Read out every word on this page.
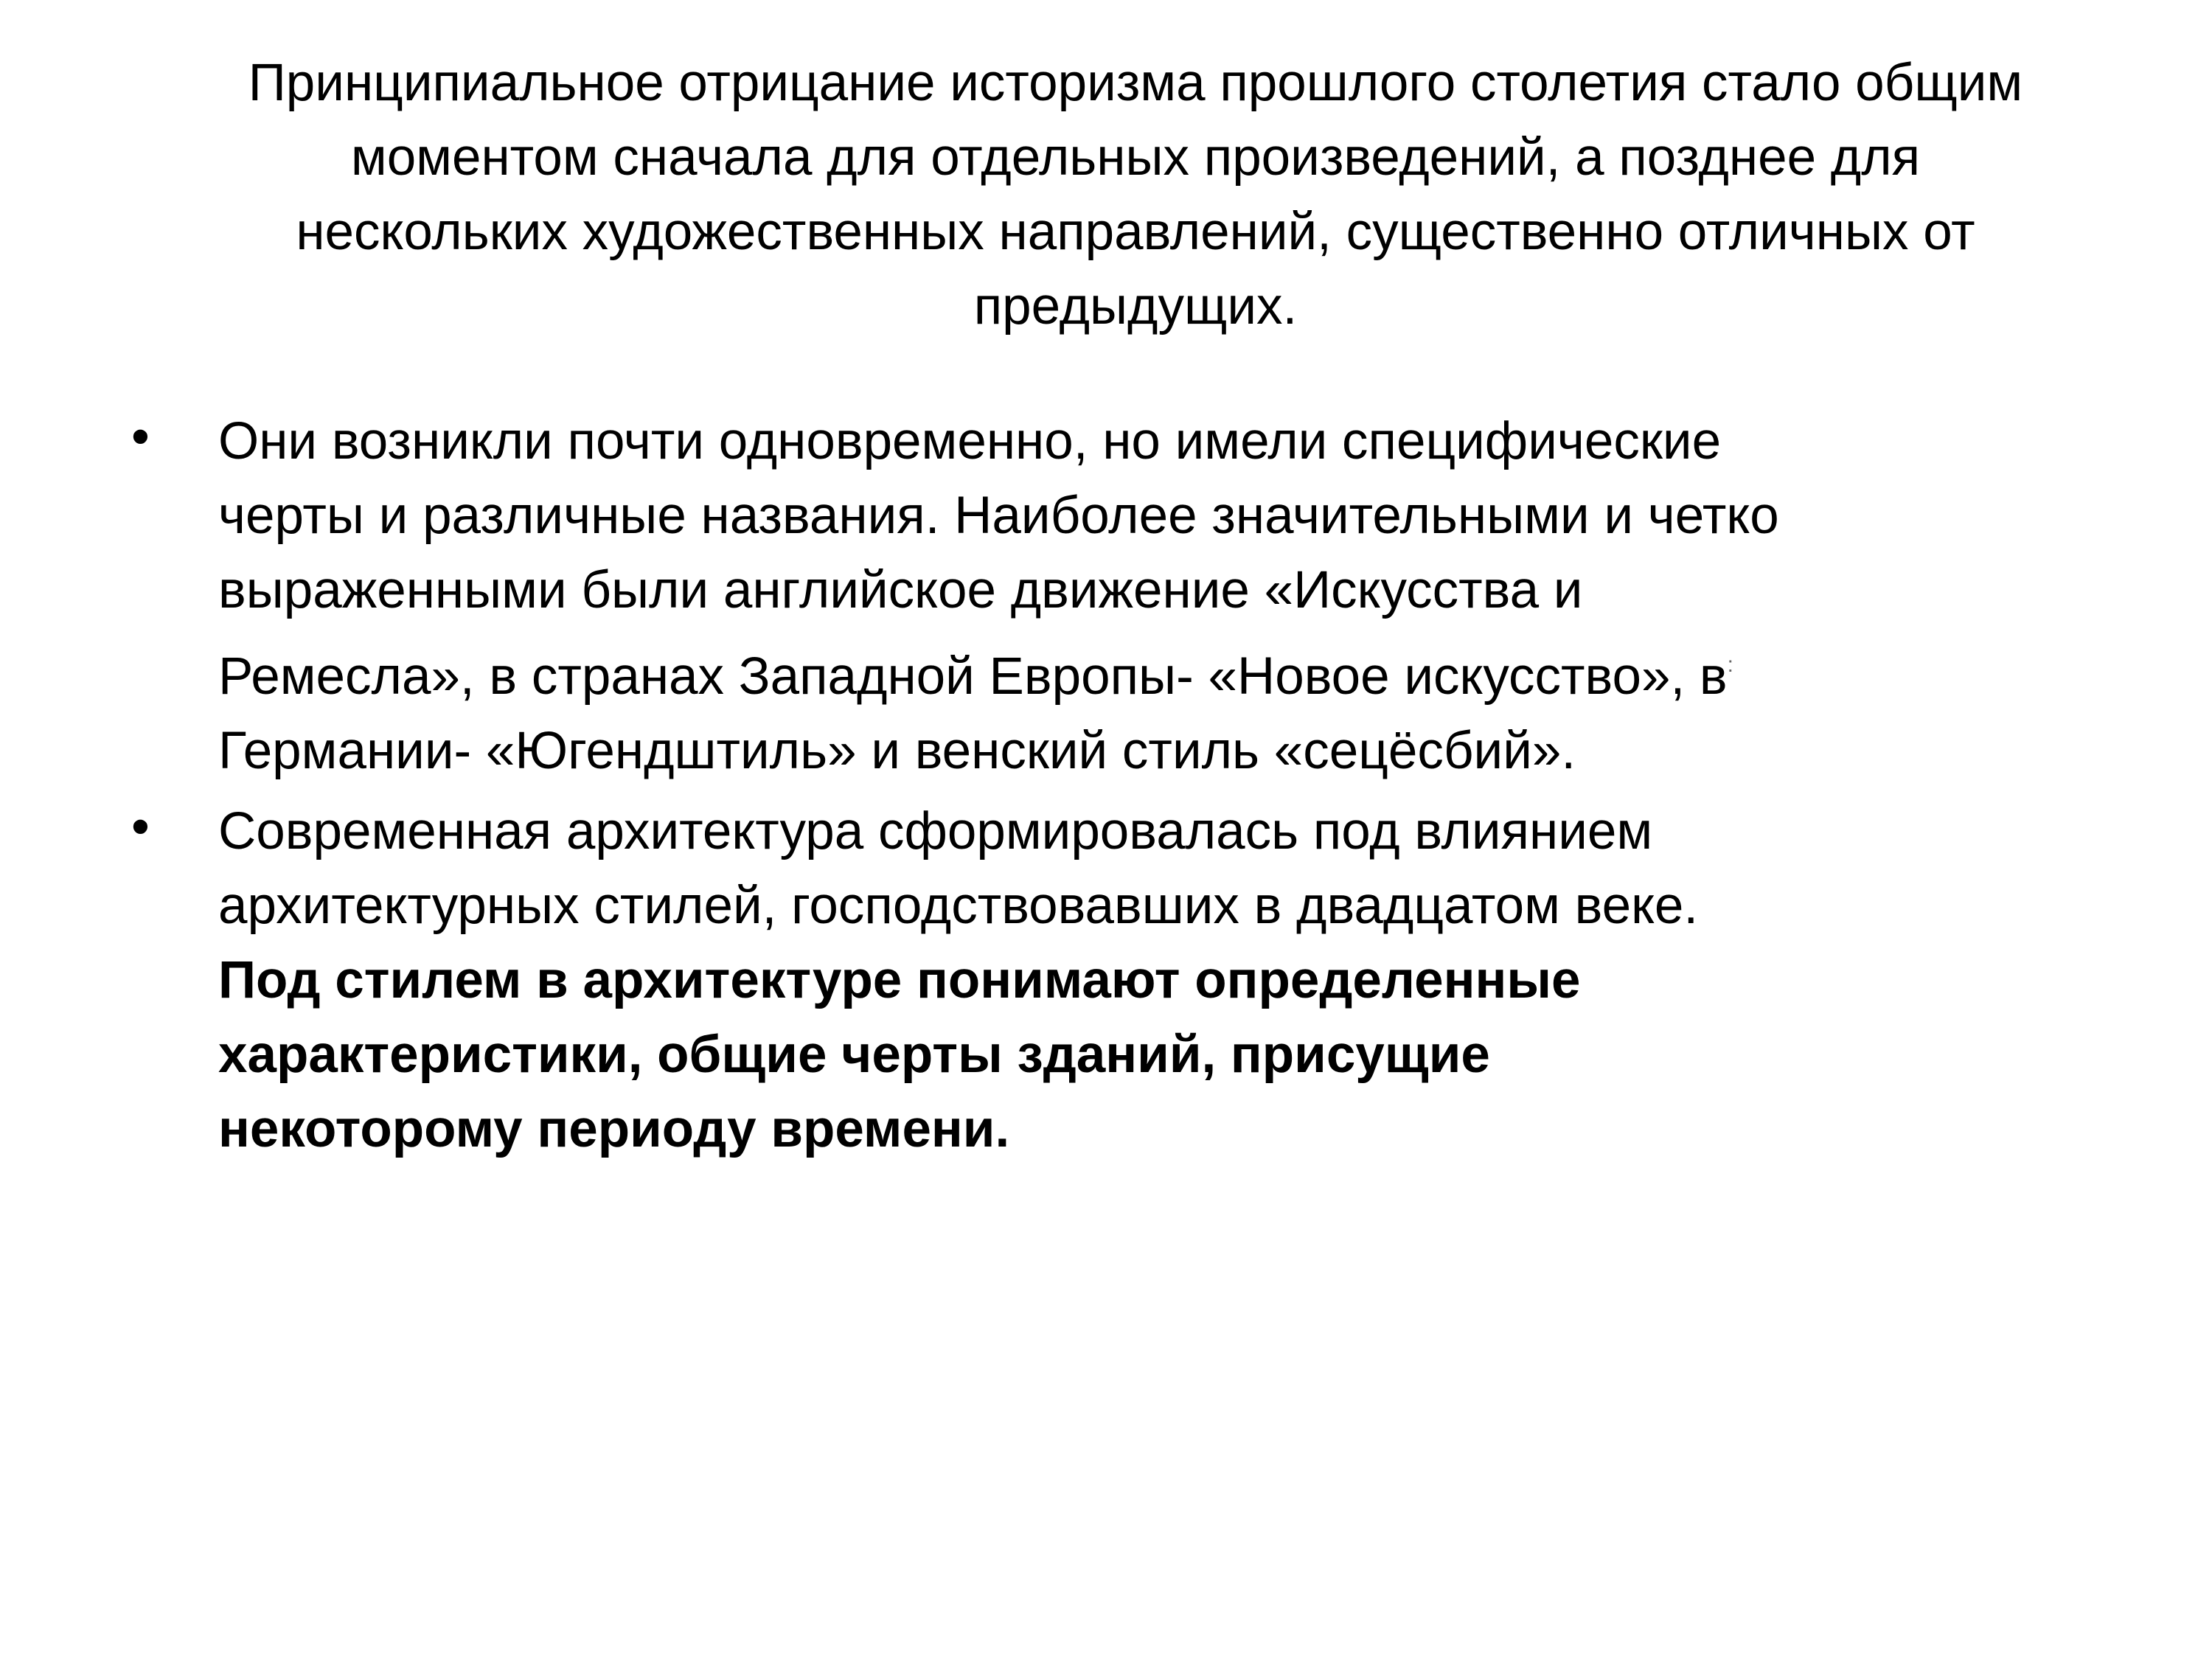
Принципиальное отрицание историзма прошлого столетия стало общим
моментом сначала для отдельных произведений, а позднее для
нескольких художественных направлений, существенно отличных от
предыдущих.
• Они возникли почти одновременно, но имели специфические
черты и различные названия. Наиболее значительными и четко
выраженными были английское движение «Искусства и
Ремесла», в странах Западной Европы- «Новое искусство», в:
Германии- «Югендштиль» и венский стиль «сецёсбий».
• Современная архитектура сформировалась под влиянием
архитектурных стилей, господствовавших в двадцатом веке.
Под стилем в архитектуре понимают определенные
характеристики, общие черты зданий, присущие
некоторому периоду времени.
